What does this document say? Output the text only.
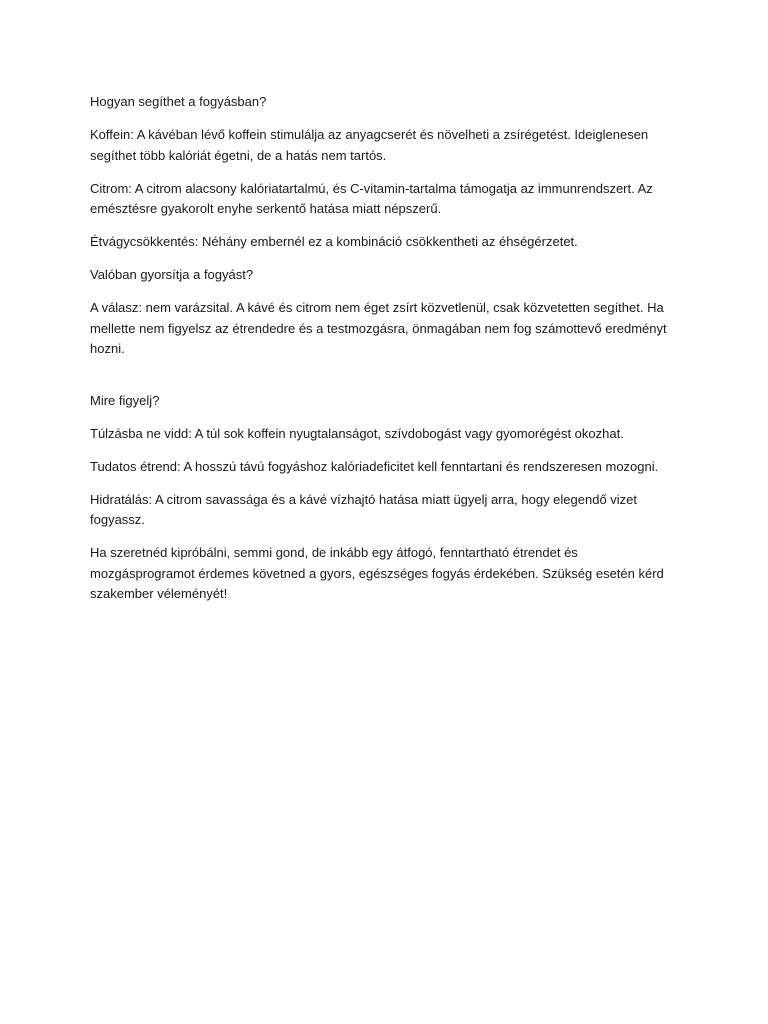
Hogyan segíthet a fogyásban?

Koffein: A kávéban lévő koffein stimulálja az anyagcserét és növelheti a zsírégetést. Ideiglenesen segíthet több kalóriát égetni, de a hatás nem tartós.

Citrom: A citrom alacsony kalóriatartalmú, és C-vitamin-tartalma támogatja az immunrendszert. Az emésztésre gyakorolt enyhe serkentő hatása miatt népszerű.

Étvágycsökkentés: Néhány embernél ez a kombináció csökkentheti az éhségérzetet.

Valóban gyorsítja a fogyást?

A válasz: nem varázsital. A kávé és citrom nem éget zsírt közvetlenül, csak közvetetten segíthet. Ha mellette nem figyelsz az étrendedre és a testmozgásra, önmagában nem fog számottevő eredményt hozni.

Mire figyelj?

Túlzásba ne vidd: A túl sok koffein nyugtalanságot, szívdobogást vagy gyomorégést okozhat.

Tudatos étrend: A hosszú távú fogyáshoz kalóriadeficitet kell fenntartani és rendszeresen mozogni.

Hidratálás: A citrom savassága és a kávé vízhajtó hatása miatt ügyelj arra, hogy elegendő vizet fogyassz.

Ha szeretnéd kipróbálni, semmi gond, de inkább egy átfogó, fenntartható étrendet és mozgásprogramot érdemes követned a gyors, egészséges fogyás érdekében. Szükség esetén kérd szakember véleményét!
